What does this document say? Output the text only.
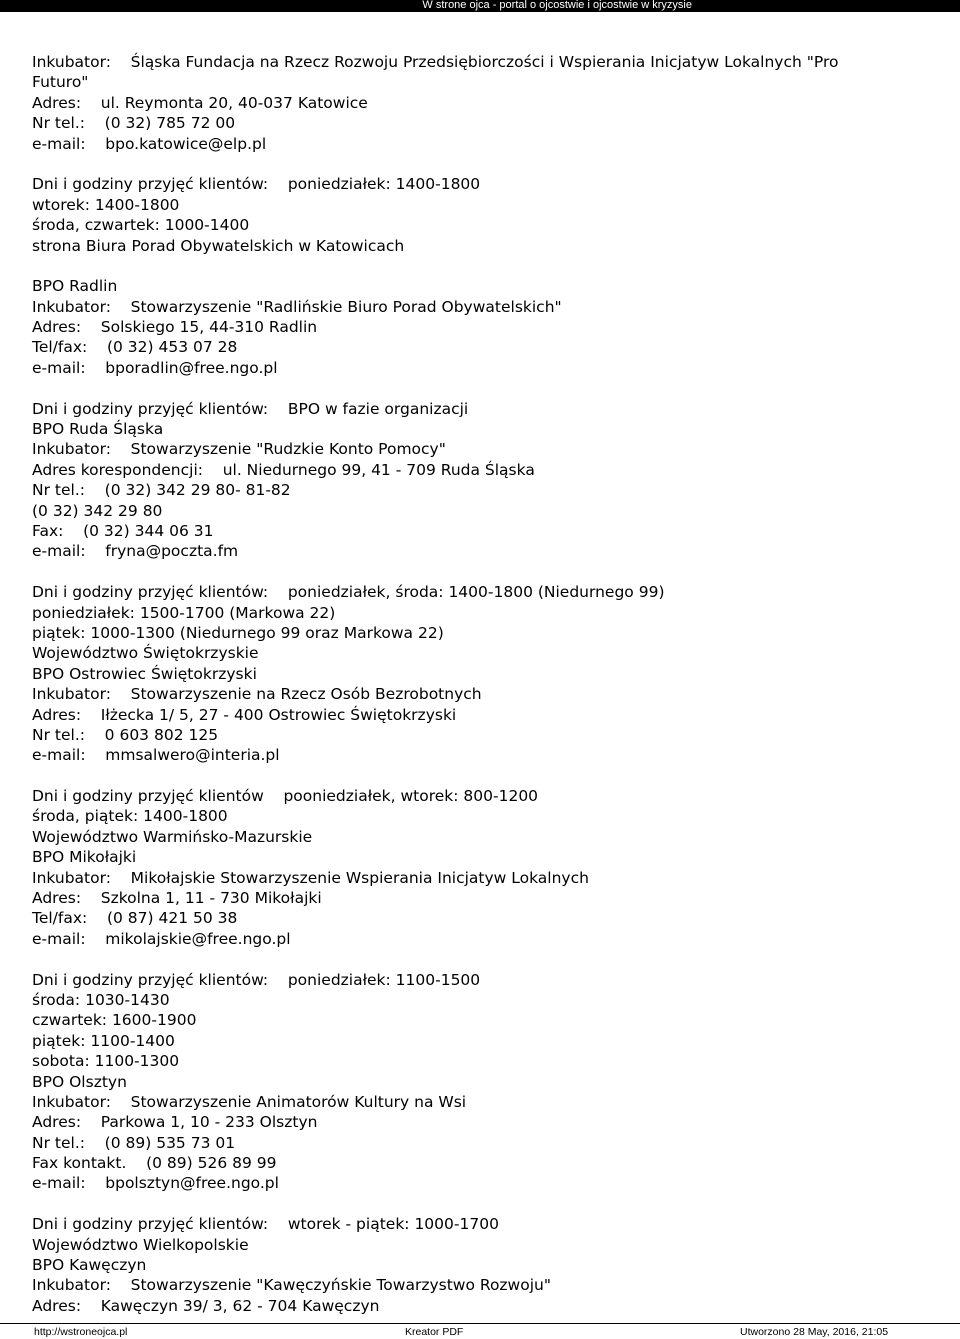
W strone ojca - portal o ojcostwie i ojcostwie w kryzysie
Inkubator:    Śląska Fundacja na Rzecz Rozwoju Przedsiębiorczości i Wspierania Inicjatyw Lokalnych "Pro
Futuro"
Adres:    ul. Reymonta 20, 40-037 Katowice
Nr tel.:    (0 32) 785 72 00
e-mail:    bpo.katowice@elp.pl
Dni i godziny przyjęć klientów:    poniedziałek: 1400-1800
wtorek: 1400-1800
środa, czwartek: 1000-1400
strona Biura Porad Obywatelskich w Katowicach
BPO Radlin
Inkubator:    Stowarzyszenie "Radlińskie Biuro Porad Obywatelskich"
Adres:    Solskiego 15, 44-310 Radlin
Tel/fax:    (0 32) 453 07 28
e-mail:    bporadlin@free.ngo.pl
Dni i godziny przyjęć klientów:    BPO w fazie organizacji
BPO Ruda Śląska
Inkubator:    Stowarzyszenie "Rudzkie Konto Pomocy"
Adres korespondencji:    ul. Niedurnego 99, 41 - 709 Ruda Śląska
Nr tel.:    (0 32) 342 29 80- 81-82
(0 32) 342 29 80
Fax:    (0 32) 344 06 31
e-mail:    fryna@poczta.fm
Dni i godziny przyjęć klientów:    poniedziałek, środa: 1400-1800 (Niedurnego 99)
poniedziałek: 1500-1700 (Markowa 22)
piątek: 1000-1300 (Niedurnego 99 oraz Markowa 22)
Województwo Świętokrzyskie
BPO Ostrowiec Świętokrzyski
Inkubator:    Stowarzyszenie na Rzecz Osób Bezrobotnych
Adres:    Iłżecka 1/ 5, 27 - 400 Ostrowiec Świętokrzyski
Nr tel.:    0 603 802 125
e-mail:    mmsalwero@interia.pl
Dni i godziny przyjęć klientów    pooniedziałek, wtorek: 800-1200
środa, piątek: 1400-1800
Województwo Warmińsko-Mazurskie
BPO Mikołajki
Inkubator:    Mikołajskie Stowarzyszenie Wspierania Inicjatyw Lokalnych
Adres:    Szkolna 1, 11 - 730 Mikołajki
Tel/fax:    (0 87) 421 50 38
e-mail:    mikolajskie@free.ngo.pl
Dni i godziny przyjęć klientów:    poniedziałek: 1100-1500
środa: 1030-1430
czwartek: 1600-1900
piątek: 1100-1400
sobota: 1100-1300
BPO Olsztyn
Inkubator:    Stowarzyszenie Animatorów Kultury na Wsi
Adres:    Parkowa 1, 10 - 233 Olsztyn
Nr tel.:    (0 89) 535 73 01
Fax kontakt.    (0 89) 526 89 99
e-mail:    bpolsztyn@free.ngo.pl
Dni i godziny przyjęć klientów:    wtorek - piątek: 1000-1700
Województwo Wielkopolskie
BPO Kawęczyn
Inkubator:    Stowarzyszenie "Kawęczyńskie Towarzystwo Rozwoju"
Adres:    Kawęczyn 39/ 3, 62 - 704 Kawęczyn
http://wstroneojca.pl	Kreator PDF	Utworzono 28 May, 2016, 21:05
